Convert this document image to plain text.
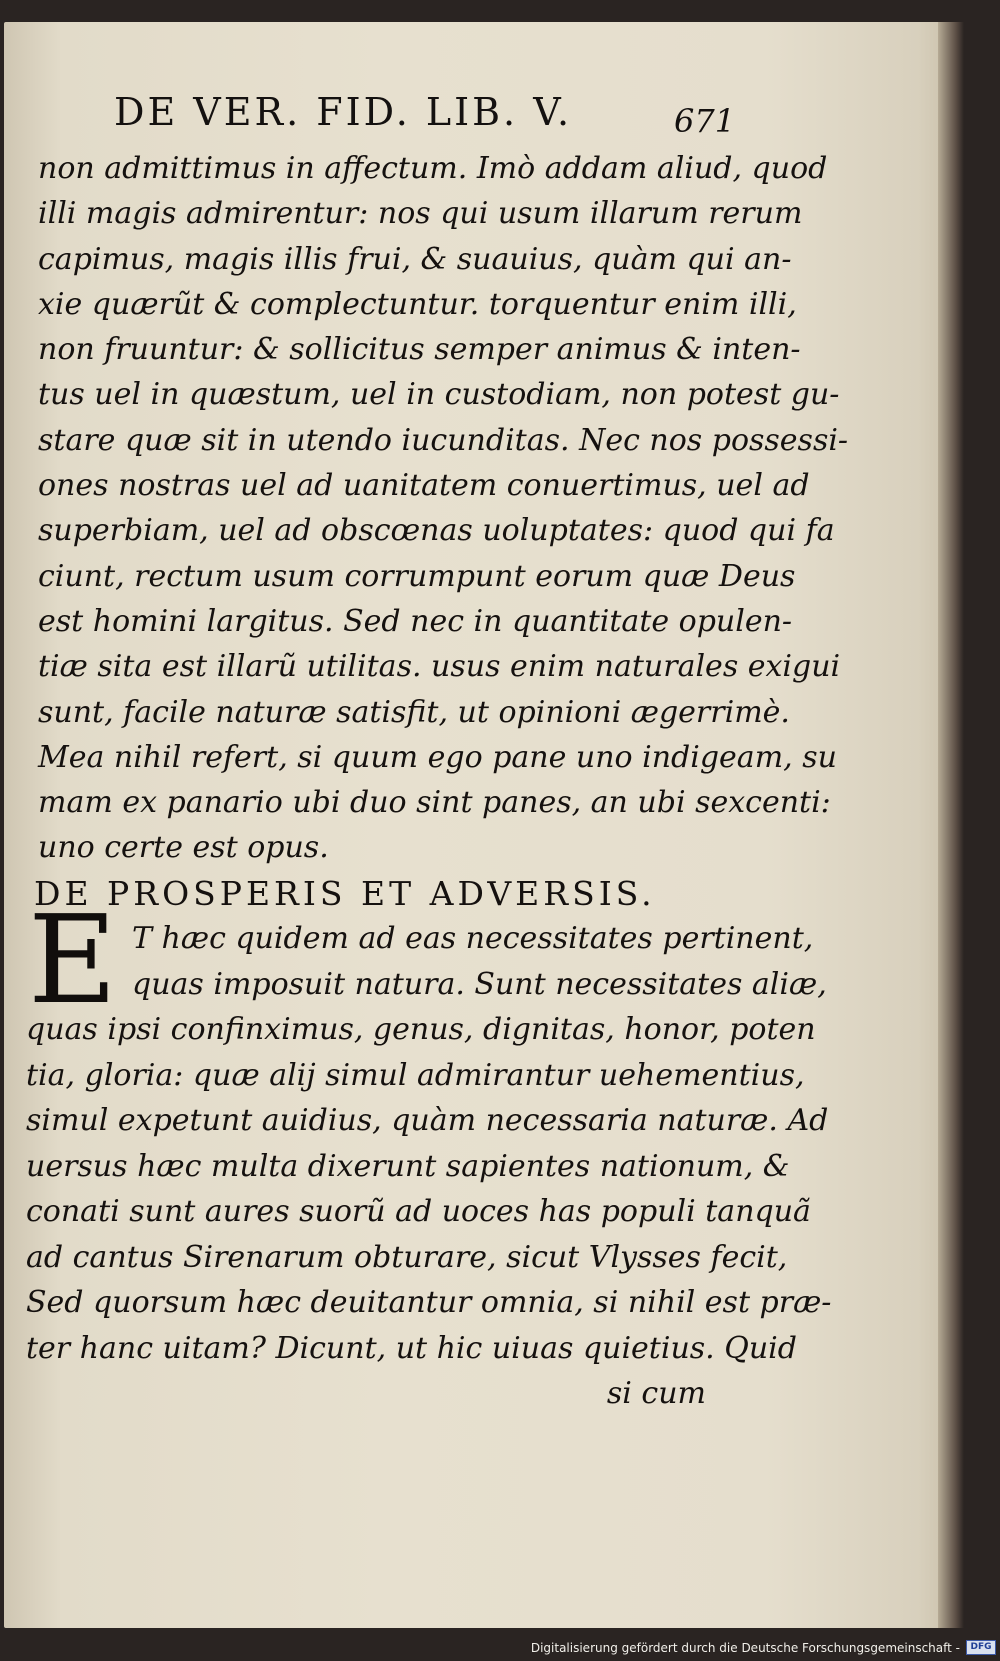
DE VER. FID. LIB. V.	671
non admittimus in affectum. Imò addam aliud, quod
illi magis admirentur: nos qui usum illarum rerum
capimus, magis illis frui, & suauius, quàm qui an-
xie quærũt & complectuntur. torquentur enim illi,
non fruuntur: & sollicitus semper animus & inten-
tus uel in quæstum, uel in custodiam, non potest gu-
stare quæ sit in utendo iucunditas. Nec nos possessi-
ones nostras uel ad uanitatem conuertimus, uel ad
superbiam, uel ad obscœnas uoluptates: quod qui fa
ciunt, rectum usum corrumpunt eorum quæ Deus
est homini largitus. Sed nec in quantitate opulen-
tiæ sita est illarũ utilitas. usus enim naturales exigui
sunt, facile naturæ satisfit, ut opinioni ægerrimè.
Mea nihil refert, si quum ego pane uno indigeam, su
mam ex panario ubi duo sint panes, an ubi sexcenti:
uno certe est opus.
DE PROSPERIS ET ADVERSIS.
E T hæc quidem ad eas necessitates pertinent,
quas imposuit natura. Sunt necessitates aliæ,
quas ipsi confinximus, genus, dignitas, honor, poten
tia, gloria: quæ alij simul admirantur uehementius,
simul expetunt auidius, quàm necessaria naturæ. Ad
uersus hæc multa dixerunt sapientes nationum, &
conati sunt aures suorũ ad uoces has populi tanquã
ad cantus Sirenarum obturare, sicut Vlysses fecit,
Sed quorsum hæc deuitantur omnia, si nihil est præ-
ter hanc uitam? Dicunt, ut hic uiuas quietius. Quid
si cum
Digitalisierung gefördert durch die Deutsche Forschungsgemeinschaft -	DFG
